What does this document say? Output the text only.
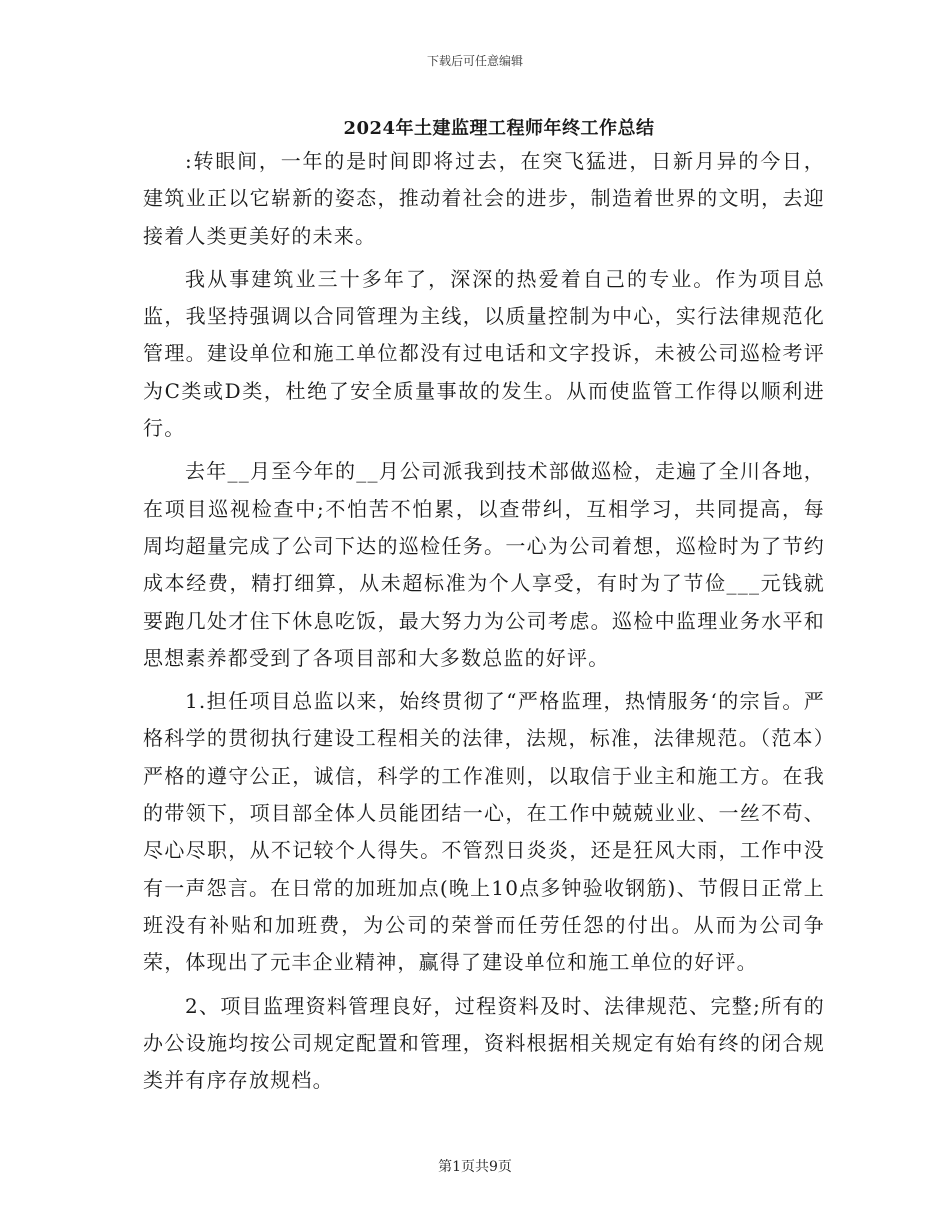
下载后可任意编辑
2024年土建监理工程师年终工作总结

:转眼间，一年的是时间即将过去，在突飞猛进，日新月异的今日，建筑业正以它崭新的姿态，推动着社会的进步，制造着世界的文明，去迎接着人类更美好的未来。

我从事建筑业三十多年了，深深的热爱着自己的专业。作为项目总监，我坚持强调以合同管理为主线，以质量控制为中心，实行法律规范化管理。建设单位和施工单位都没有过电话和文字投诉，未被公司巡检考评为C类或D类，杜绝了安全质量事故的发生。从而使监管工作得以顺利进行。

去年__月至今年的__月公司派我到技术部做巡检，走遍了全川各地，在项目巡视检查中;不怕苦不怕累，以查带纠，互相学习，共同提高，每周均超量完成了公司下达的巡检任务。一心为公司着想，巡检时为了节约成本经费，精打细算，从未超标准为个人享受，有时为了节俭___元钱就要跑几处才住下休息吃饭，最大努力为公司考虑。巡检中监理业务水平和思想素养都受到了各项目部和大多数总监的好评。

1.担任项目总监以来，始终贯彻了“严格监理，热情服务‘的宗旨。严格科学的贯彻执行建设工程相关的法律，法规，标准，法律规范。（范本）严格的遵守公正，诚信，科学的工作准则，以取信于业主和施工方。在我的带领下，项目部全体人员能团结一心，在工作中兢兢业业、一丝不苟、尽心尽职，从不记较个人得失。不管烈日炎炎，还是狂风大雨，工作中没有一声怨言。在日常的加班加点(晚上10点多钟验收钢筋)、节假日正常上班没有补贴和加班费，为公司的荣誉而任劳任怨的付出。从而为公司争荣，体现出了元丰企业精神，赢得了建设单位和施工单位的好评。

2、项目监理资料管理良好，过程资料及时、法律规范、完整;所有的办公设施均按公司规定配置和管理，资料根据相关规定有始有终的闭合规类并有序存放规档。

第1页共9页
